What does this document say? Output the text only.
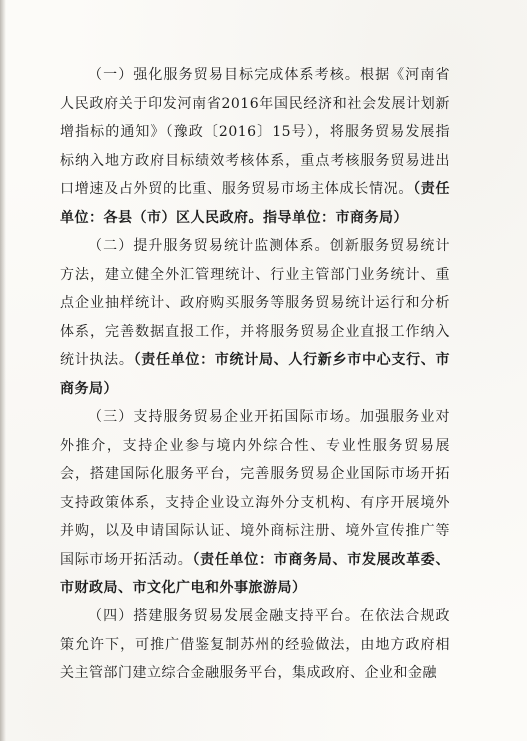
（一）强化服务贸易目标完成体系考核。根据《河南省人民政府关于印发河南省2016年国民经济和社会发展计划新增指标的通知》（豫政〔2016〕15号），将服务贸易发展指标纳入地方政府目标绩效考核体系，重点考核服务贸易进出口增速及占外贸的比重、服务贸易市场主体成长情况。（责任单位：各县（市）区人民政府。指导单位：市商务局）
（二）提升服务贸易统计监测体系。创新服务贸易统计方法，建立健全外汇管理统计、行业主管部门业务统计、重点企业抽样统计、政府购买服务等服务贸易统计运行和分析体系，完善数据直报工作，并将服务贸易企业直报工作纳入统计执法。（责任单位：市统计局、人行新乡市中心支行、市商务局）
（三）支持服务贸易企业开拓国际市场。加强服务业对外推介，支持企业参与境内外综合性、专业性服务贸易展会，搭建国际化服务平台，完善服务贸易企业国际市场开拓支持政策体系，支持企业设立海外分支机构、有序开展境外并购，以及申请国际认证、境外商标注册、境外宣传推广等国际市场开拓活动。（责任单位：市商务局、市发展改革委、市财政局、市文化广电和外事旅游局）
（四）搭建服务贸易发展金融支持平台。在依法合规政策允许下，可推广借鉴复制苏州的经验做法，由地方政府相关主管部门建立综合金融服务平台，集成政府、企业和金融
